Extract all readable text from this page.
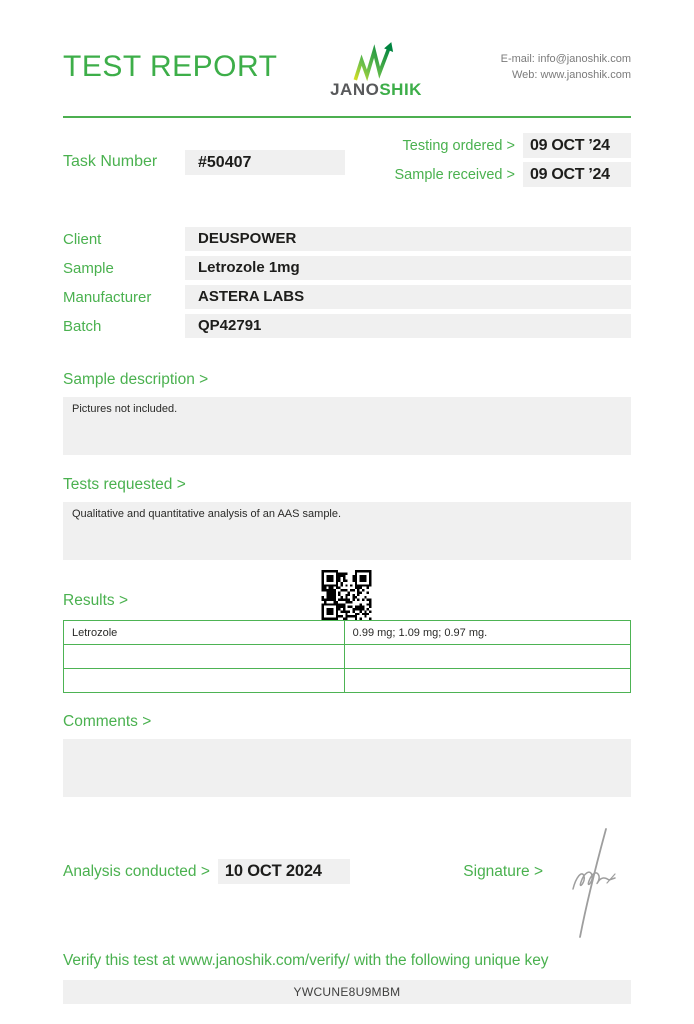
TEST REPORT
JANOSHIK
E-mail: info@janoshik.com
Web: www.janoshik.com
Task Number	#50407
Testing ordered > 09 OCT ’24
Sample received > 09 OCT ’24
Client	DEUSPOWER
Sample	Letrozole 1mg
Manufacturer	ASTERA LABS
Batch	QP42791
Sample description >
Pictures not included.
Tests requested >
Qualitative and quantitative analysis of an AAS sample.
Results >
Letrozole	0.99 mg; 1.09 mg; 0.97 mg.

Comments >
Analysis conducted > 10 OCT 2024	Signature >
Verify this test at www.janoshik.com/verify/ with the following unique key
YWCUNE8U9MBM
